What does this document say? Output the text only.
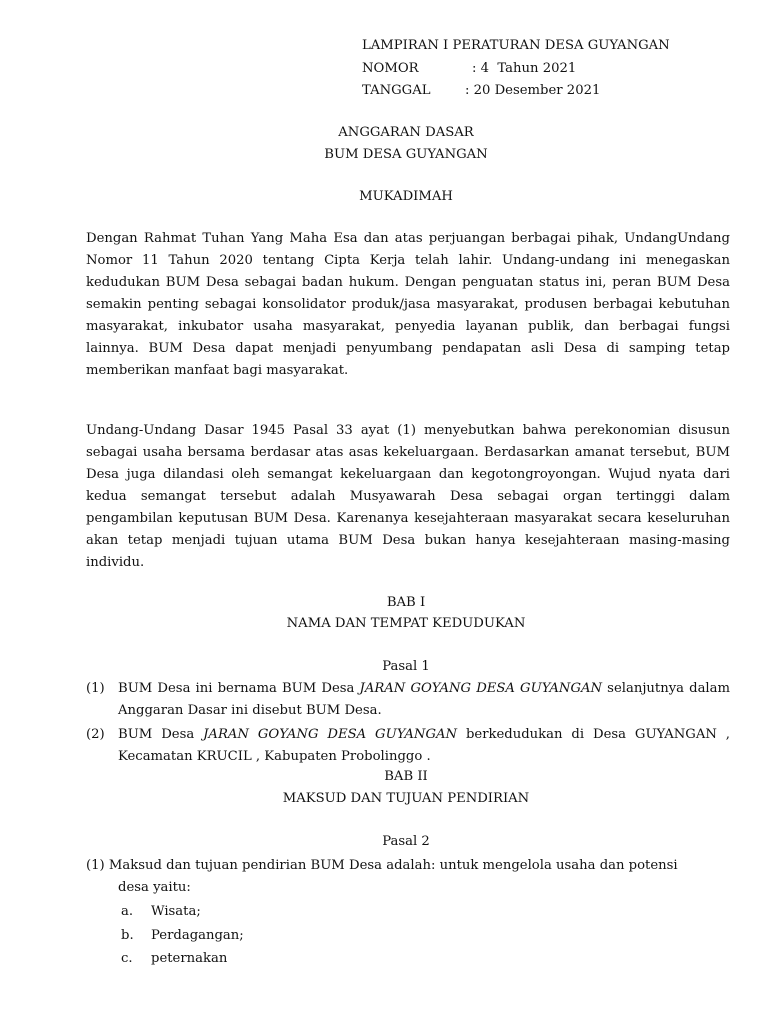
LAMPIRAN I PERATURAN DESA GUYANGAN
NOMOR	: 4  Tahun 2021
TANGGAL	: 20 Desember 2021
ANGGARAN DASAR
BUM DESA GUYANGAN
MUKADIMAH
Dengan Rahmat Tuhan Yang Maha Esa dan atas perjuangan berbagai pihak, UndangUndang Nomor 11 Tahun 2020 tentang Cipta Kerja telah lahir. Undang-undang ini menegaskan kedudukan BUM Desa sebagai badan hukum. Dengan penguatan status ini, peran BUM Desa semakin penting sebagai konsolidator produk/jasa masyarakat, produsen berbagai kebutuhan masyarakat, inkubator usaha masyarakat, penyedia layanan publik, dan berbagai fungsi lainnya. BUM Desa dapat menjadi penyumbang pendapatan asli Desa di samping tetap memberikan manfaat bagi masyarakat.
Undang-Undang Dasar 1945 Pasal 33 ayat (1) menyebutkan bahwa perekonomian disusun sebagai usaha bersama berdasar atas asas kekeluargaan. Berdasarkan amanat tersebut, BUM Desa juga dilandasi oleh semangat kekeluargaan dan kegotongroyongan. Wujud nyata dari kedua semangat tersebut adalah Musyawarah Desa sebagai organ tertinggi dalam pengambilan keputusan BUM Desa. Karenanya kesejahteraan masyarakat secara keseluruhan akan tetap menjadi tujuan utama BUM Desa bukan hanya kesejahteraan masing-masing individu.
BAB I
NAMA DAN TEMPAT KEDUDUKAN
Pasal 1
(1) BUM Desa ini bernama BUM Desa JARAN GOYANG DESA GUYANGAN selanjutnya dalam Anggaran Dasar ini disebut BUM Desa.
(2) BUM Desa JARAN GOYANG DESA GUYANGAN berkedudukan di Desa GUYANGAN , Kecamatan KRUCIL , Kabupaten Probolinggo .
BAB II
MAKSUD DAN TUJUAN PENDIRIAN
Pasal 2
(1) Maksud dan tujuan pendirian BUM Desa adalah: untuk mengelola usaha dan potensi
desa yaitu:
a. Wisata;
b. Perdagangan;
c. peternakan
